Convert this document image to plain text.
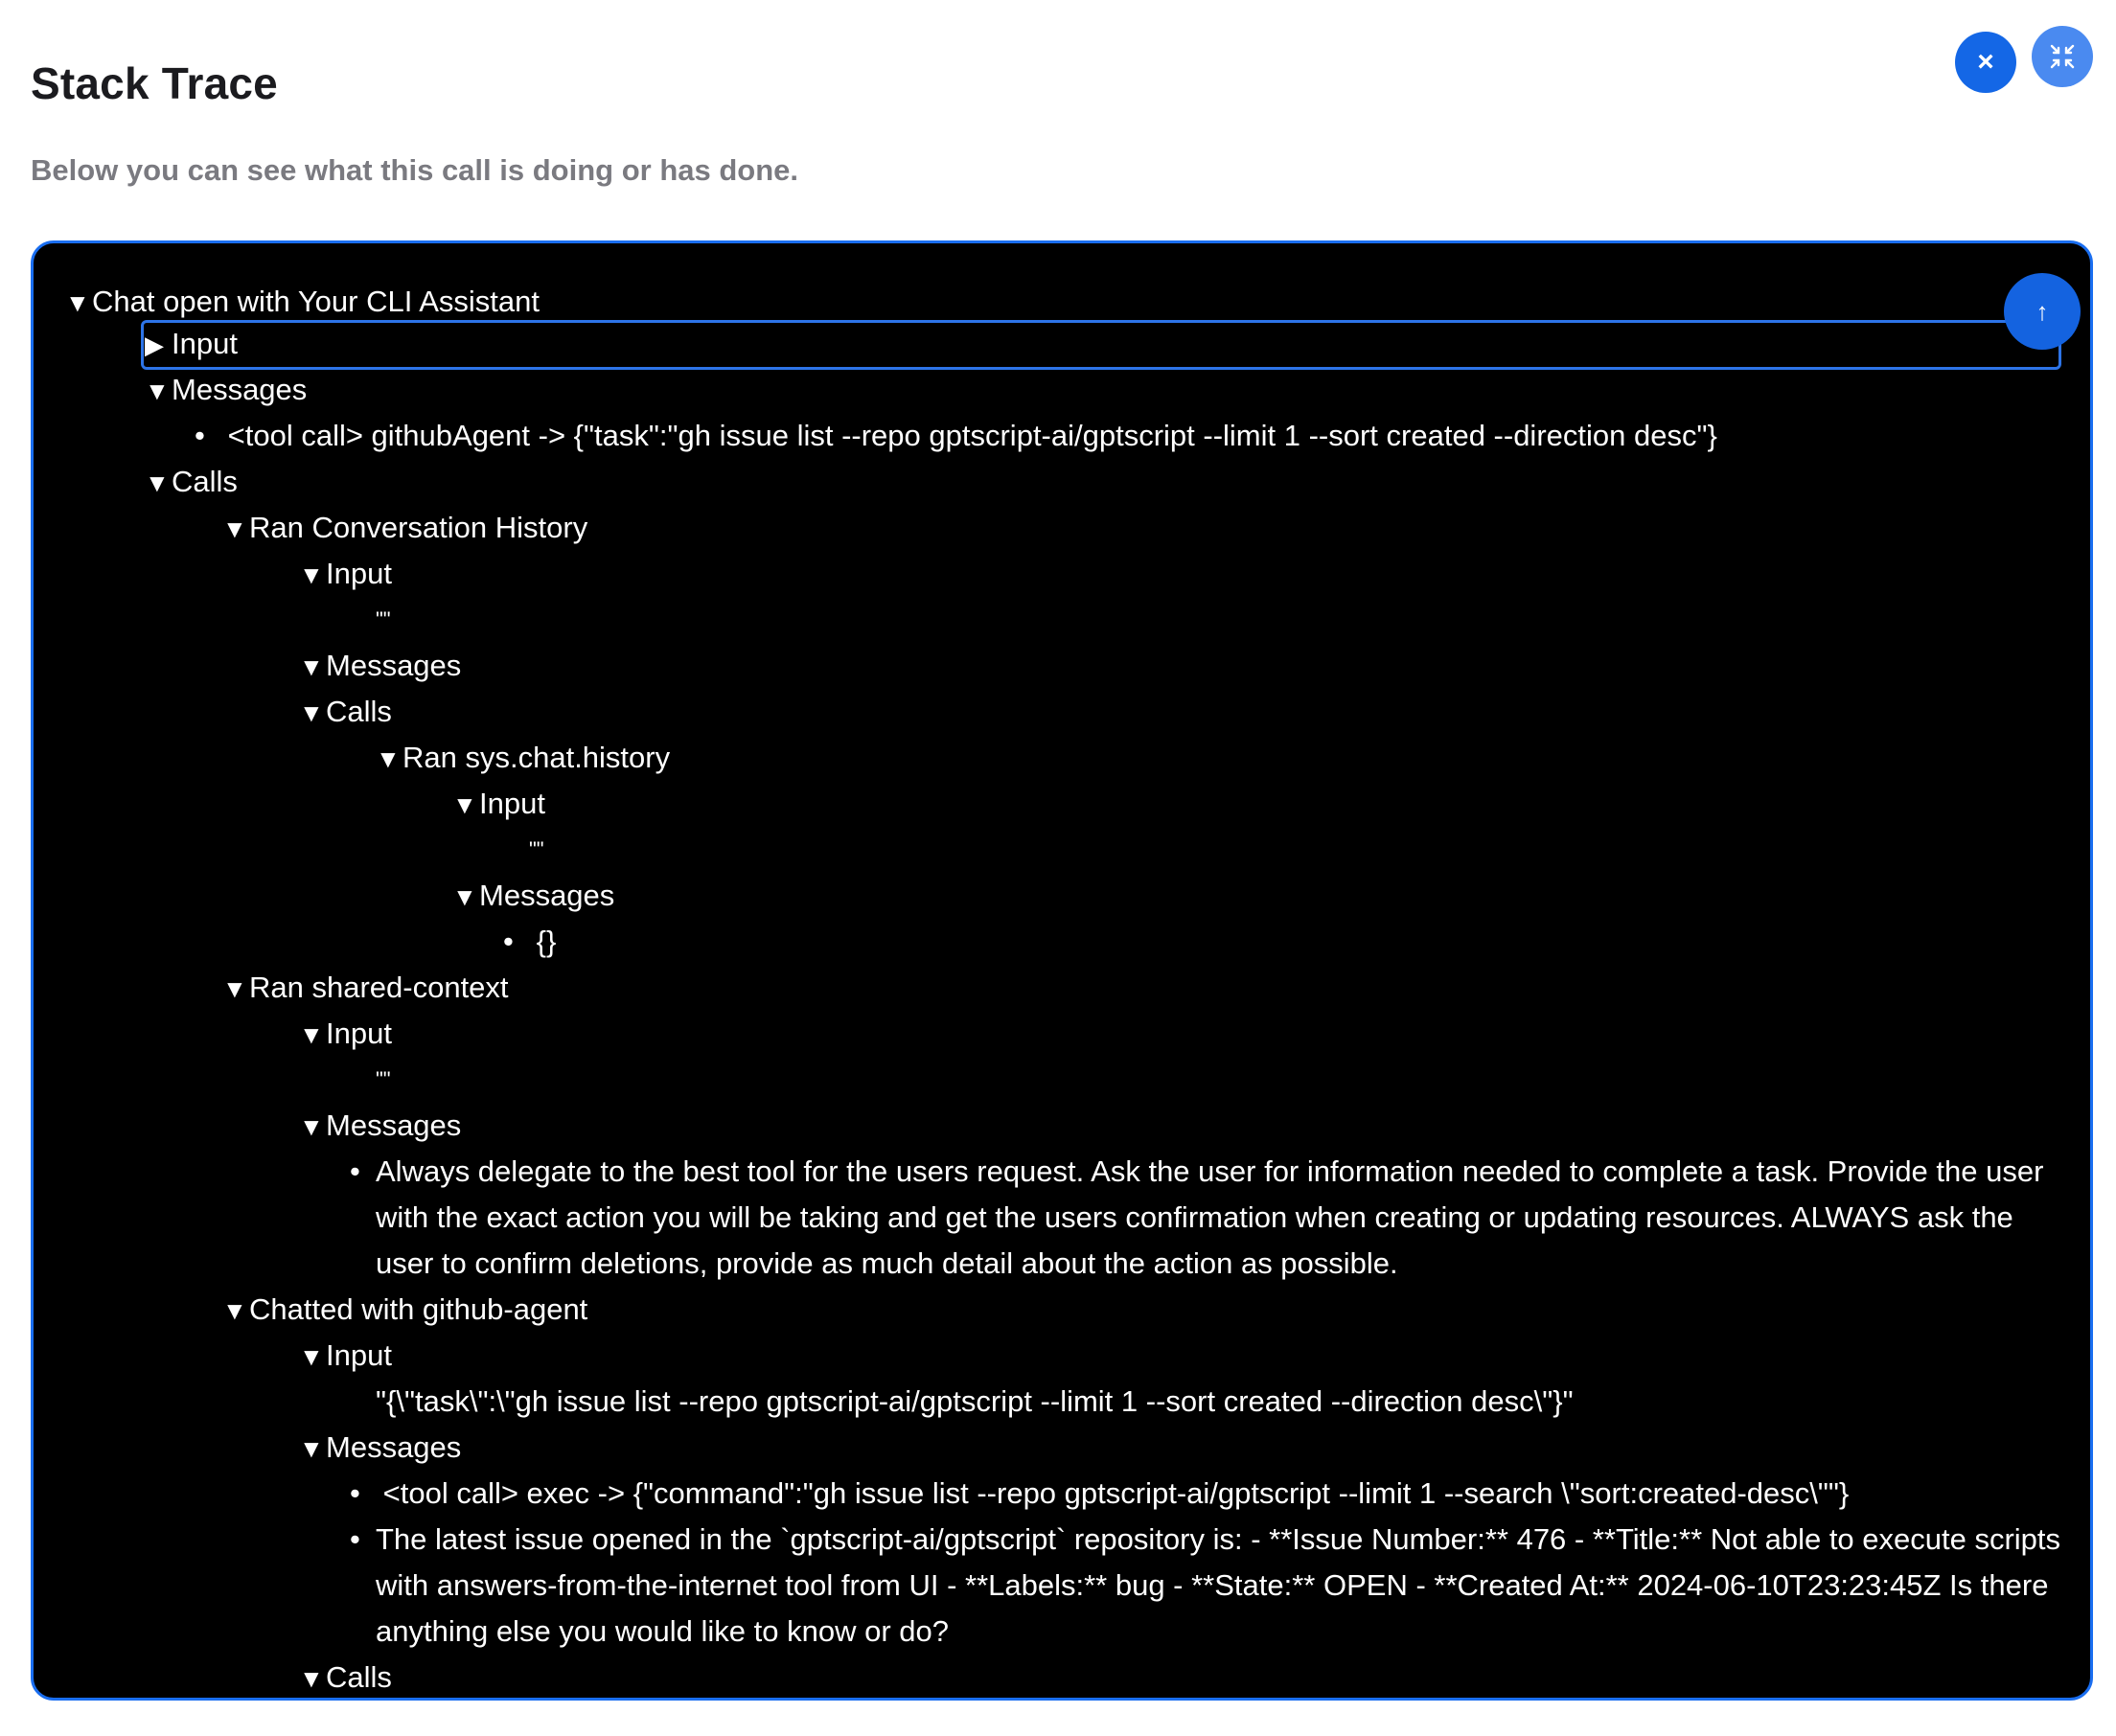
Stack Trace
Below you can see what this call is doing or has done.
×
▼Chat open with Your CLI Assistant
▶ Input
↑
▼Messages
• <tool call> githubAgent -> {"task":"gh issue list --repo gptscript-ai/gptscript --limit 1 --sort created --direction desc"}
▼Calls
▼Ran Conversation History
▼Input
""
▼Messages
▼Calls
▼Ran sys.chat.history
▼Input
""
▼Messages
• {}
▼Ran shared-context
▼Input
""
▼Messages
• Always delegate to the best tool for the users request. Ask the user for information needed to complete a task. Provide the user with the exact action you will be taking and get the users confirmation when creating or updating resources. ALWAYS ask the user to confirm deletions, provide as much detail about the action as possible.
▼Chatted with github-agent
▼Input
"{\"task\":\"gh issue list --repo gptscript-ai/gptscript --limit 1 --sort created --direction desc\"}"
▼Messages
• <tool call> exec -> {"command":"gh issue list --repo gptscript-ai/gptscript --limit 1 --search \"sort:created-desc\""}
• The latest issue opened in the `gptscript-ai/gptscript` repository is: - **Issue Number:** 476 - **Title:** Not able to execute scripts with answers-from-the-internet tool from UI - **Labels:** bug - **State:** OPEN - **Created At:** 2024-06-10T23:23:45Z Is there anything else you would like to know or do?
▼Calls
